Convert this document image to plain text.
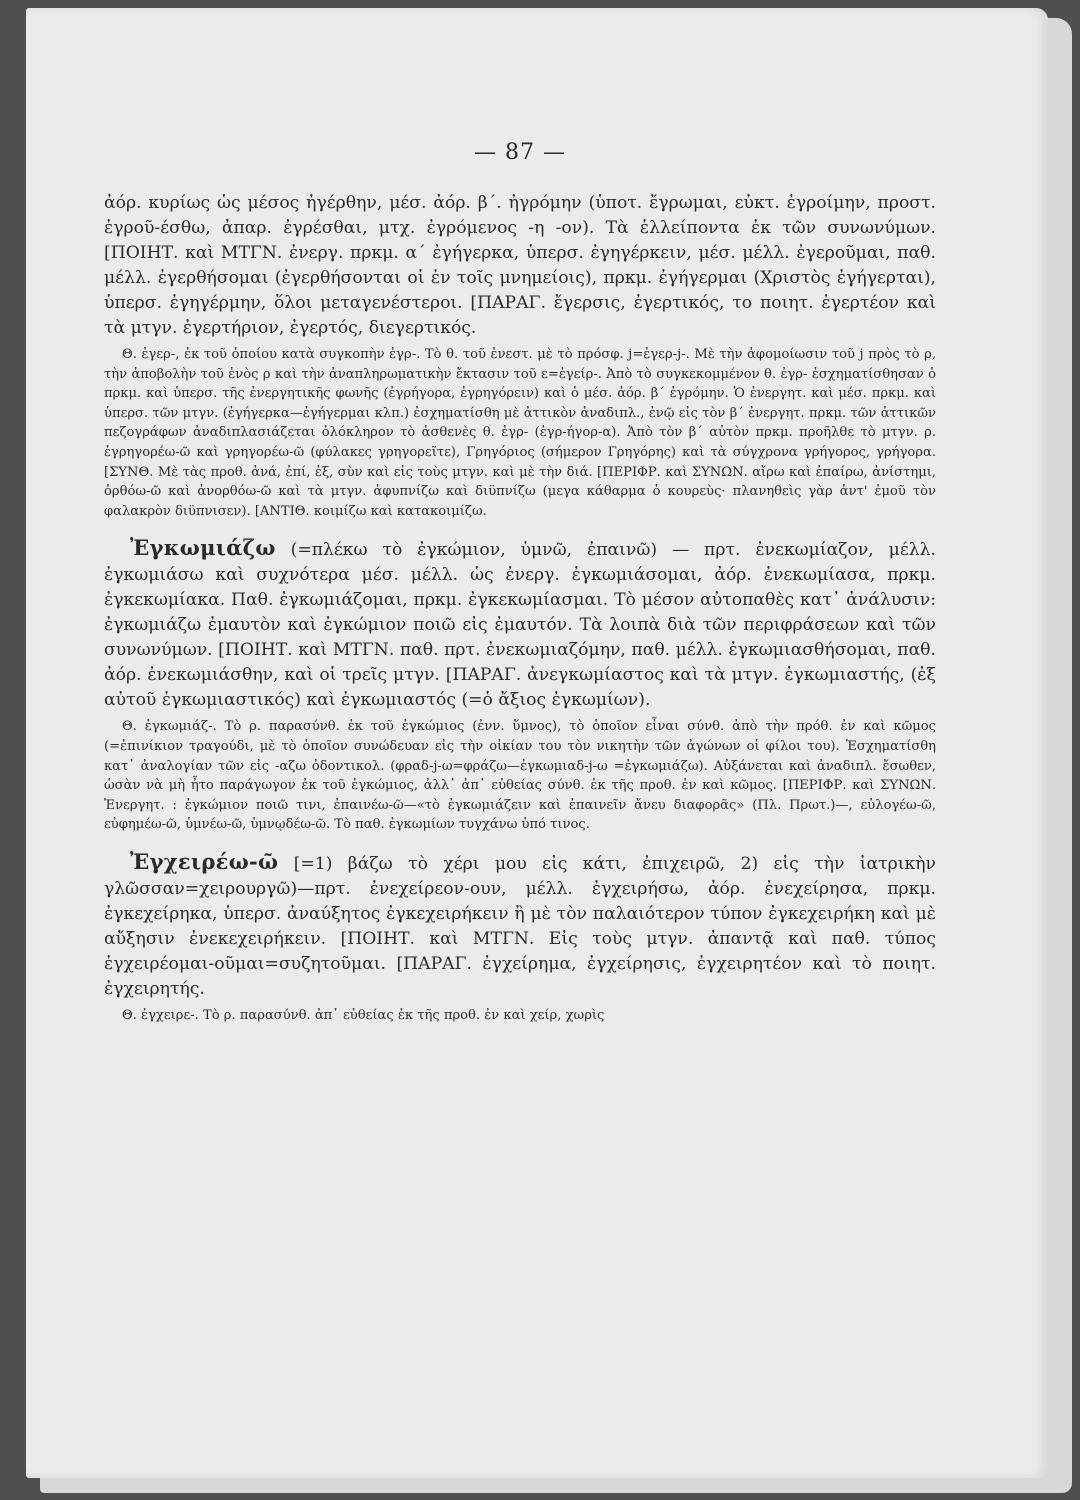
— 87 —

ἀόρ. κυρίως ὡς μέσος ἠγέρθην, μέσ. ἀόρ. β΄. ἠγρόμην (ὑποτ. ἔγρωμαι, εὐκτ. ἐγροίμην, προστ. ἐγροῦ-έσθω, ἀπαρ. ἐγρέσθαι, μτχ. ἐγρόμενος -η -ον). Τὰ ἐλλείποντα ἐκ τῶν συνωνύμων. [ΠΟΙΗΤ. καὶ ΜΤΓΝ. ἐνεργ. πρκμ. α΄ ἐγήγερκα, ὑπερσ. ἐγηγέρκειν, μέσ. μέλλ. ἐγεροῦμαι, παθ. μέλλ. ἐγερθήσομαι (ἐγερθήσονται οἱ ἐν τοῖς μνημείοις), πρκμ. ἐγήγερμαι (Χριστὸς ἐγήγερται), ὑπερσ. ἐγηγέρμην, ὅλοι μεταγενέστεροι. [ΠΑΡΑΓ. ἔγερσις, ἐγερτικός, το ποιητ. ἐγερτέον καὶ τὰ μτγν. ἐγερτήριον, ἐγερτός, διεγερτικός.

Θ. ἐγερ-, ἐκ τοῦ ὁποίου κατὰ συγκοπὴν ἐγρ-. Τὸ θ. τοῦ ἐνεστ. μὲ τὸ πρόσφ. j=ἐγερ-j-. Μὲ τὴν ἀφομοίωσιν τοῦ j πρὸς τὸ ρ, τὴν ἀποβολὴν τοῦ ἑνὸς ρ καὶ τὴν ἀναπληρωματικὴν ἔκτασιν τοῦ ε=ἐγείρ-. Ἀπὸ τὸ συγκεκομμένον θ. ἐγρ- ἐσχηματίσθησαν ὁ πρκμ. καὶ ὑπερσ. τῆς ἐνεργητικῆς φωνῆς (ἐγρήγορα, ἐγρηγόρειν) καὶ ὁ μέσ. ἀόρ. β΄ ἐγρόμην. Ὁ ἐνεργητ. καὶ μέσ. πρκμ. καὶ ὑπερσ. τῶν μτγν. (ἐγήγερκα—ἐγήγερμαι κλπ.) ἐσχηματίσθη μὲ ἀττικὸν ἀναδιπλ., ἐνῷ εἰς τὸν β΄ ἐνεργητ. πρκμ. τῶν ἀττικῶν πεζογράφων ἀναδιπλασιάζεται ὁλόκληρον τὸ ἀσθενὲς θ. ἐγρ- (ἐγρ-ήγορ-α). Ἀπὸ τὸν β΄ αὐτὸν πρκμ. προῆλθε τὸ μτγν. ρ. ἐγρηγορέω-ῶ καὶ γρηγορέω-ῶ (φύλακες γρηγορεῖτε), Γρηγόριος (σήμερον Γρηγόρης) καὶ τὰ σύγχρονα γρήγορος, γρήγορα. [ΣΥΝΘ. Μὲ τὰς προθ. ἀνά, ἐπί, ἐξ, σὺν καὶ εἰς τοὺς μτγν. καὶ μὲ τὴν διά. [ΠΕΡΙΦΡ. καὶ ΣΥΝΩΝ. αἴρω καὶ ἐπαίρω, ἀνίστημι, ὀρθόω-ῶ καὶ ἀνορθόω-ῶ καὶ τὰ μτγν. ἀφυπνίζω καὶ διϋπνίζω (μεγα κάθαρμα ὁ κουρεὺς· πλανηθεὶς γὰρ ἀντ' ἐμοῦ τὸν φαλακρὸν διϋπνισεν). [ΑΝΤΙΘ. κοιμίζω καὶ κατακοιμίζω.

Ἐγκωμιάζω (=πλέκω τὸ ἐγκώμιον, ὑμνῶ, ἐπαινῶ) — πρτ. ἐνεκωμίαζον, μέλλ. ἐγκωμιάσω καὶ συχνότερα μέσ. μέλλ. ὡς ἐνεργ. ἐγκωμιάσομαι, ἀόρ. ἐνεκωμίασα, πρκμ. ἐγκεκωμίακα. Παθ. ἐγκωμιάζομαι, πρκμ. ἐγκεκωμίασμαι. Τὸ μέσον αὐτοπαθὲς κατ᾽ ἀνάλυσιν: ἐγκωμιάζω ἐμαυτὸν καὶ ἐγκώμιον ποιῶ εἰς ἐμαυτόν. Τὰ λοιπὰ διὰ τῶν περιφράσεων καὶ τῶν συνωνύμων. [ΠΟΙΗΤ. καὶ ΜΤΓΝ. παθ. πρτ. ἐνεκωμιαζόμην, παθ. μέλλ. ἐγκωμιασθήσομαι, παθ. ἀόρ. ἐνεκωμιάσθην, καὶ οἱ τρεῖς μτγν. [ΠΑΡΑΓ. ἀνεγκωμίαστος καὶ τὰ μτγν. ἐγκωμιαστής, (ἐξ αὐτοῦ ἐγκωμιαστικός) καὶ ἐγκωμιαστός (=ὁ ἄξιος ἐγκωμίων).

Θ. ἐγκωμιάζ-. Τὸ ρ. παρασύνθ. ἐκ τοῦ ἐγκώμιος (ἐνν. ὕμνος), τὸ ὁποῖον εἶναι σύνθ. ἀπὸ τὴν πρόθ. ἐν καὶ κῶμος (=ἐπινίκιον τραγούδι, μὲ τὸ ὁποῖον συνώδευαν εἰς τὴν οἰκίαν του τὸν νικητὴν τῶν ἀγώνων οἱ φίλοι του). Ἐσχηματίσθη κατ᾽ ἀναλογίαν τῶν εἰς -αζω ὀδοντικολ. (φραδ-j-ω=φράζω—ἐγκωμιαδ-j-ω =ἐγκωμιάζω). Αὐξάνεται καὶ ἀναδιπλ. ἔσωθεν, ὡσὰν νὰ μὴ ἦτο παράγωγον ἐκ τοῦ ἐγκώμιος, ἀλλ᾽ ἀπ᾽ εὐθείας σύνθ. ἐκ τῆς προθ. ἐν καὶ κῶμος. [ΠΕΡΙΦΡ. καὶ ΣΥΝΩΝ. Ἐνεργητ. : ἐγκώμιον ποιῶ τινι, ἐπαινέω-ῶ—«τὸ ἐγκωμιάζειν καὶ ἐπαινεῖν ἄνευ διαφορᾶς» (Πλ. Πρωτ.)—, εὐλογέω-ῶ, εὐφημέω-ῶ, ὑμνέω-ῶ, ὑμνῳδέω-ῶ. Τὸ παθ. ἐγκωμίων τυγχάνω ὑπό τινος.

Ἐγχειρέω-ῶ [=1) βάζω τὸ χέρι μου εἰς κάτι, ἐπιχειρῶ, 2) εἰς τὴν ἰατρικὴν γλῶσσαν=χειρουργῶ)—πρτ. ἐνεχείρεον-ουν, μέλλ. ἐγχειρήσω, ἀόρ. ἐνεχείρησα, πρκμ. ἐγκεχείρηκα, ὑπερσ. ἀναύξητος ἐγκεχειρήκειν ἢ μὲ τὸν παλαιότερον τύπον ἐγκεχειρήκη καὶ μὲ αὔξησιν ἐνεκεχειρήκειν. [ΠΟΙΗΤ. καὶ ΜΤΓΝ. Εἰς τοὺς μτγν. ἀπαντᾷ καὶ παθ. τύπος ἐγχειρέομαι-οῦμαι=συζητοῦμαι. [ΠΑΡΑΓ. ἐγχείρημα, ἐγχείρησις, ἐγχειρητέον καὶ τὸ ποιητ. ἐγχειρητής.

Θ. ἐγχειρε-. Τὸ ρ. παρασύνθ. ἀπ᾽ εὐθείας ἐκ τῆς προθ. ἐν καὶ χείρ, χωρὶς
